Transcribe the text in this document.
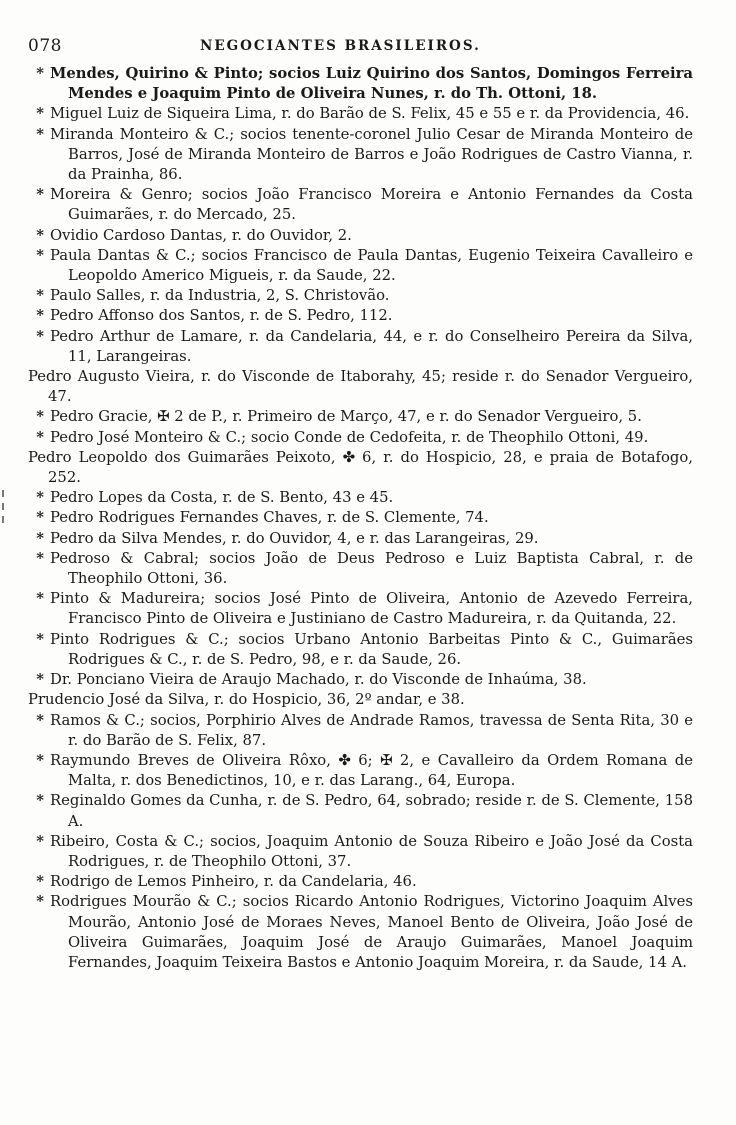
078	NEGOCIANTES BRASILEIROS.
* Mendes, Quirino & Pinto; socios Luiz Quirino dos Santos, Domingos Ferreira Mendes e Joaquim Pinto de Oliveira Nunes, r. do Th. Ottoni, 18.
* Miguel Luiz de Siqueira Lima, r. do Barão de S. Felix, 45 e 55 e r. da Providencia, 46.
* Miranda Monteiro & C.; socios tenente-coronel Julio Cesar de Miranda Monteiro de Barros, José de Miranda Monteiro de Barros e João Rodrigues de Castro Vianna, r. da Prainha, 86.
* Moreira & Genro; socios João Francisco Moreira e Antonio Fernandes da Costa Guimarães, r. do Mercado, 25.
* Ovidio Cardoso Dantas, r. do Ouvidor, 2.
* Paula Dantas & C.; socios Francisco de Paula Dantas, Eugenio Teixeira Cavalleiro e Leopoldo Americo Migueis, r. da Saude, 22.
* Paulo Salles, r. da Industria, 2, S. Christovão.
* Pedro Affonso dos Santos, r. de S. Pedro, 112.
* Pedro Arthur de Lamare, r. da Candelaria, 44, e r. do Conselheiro Pereira da Silva, 11, Larangeiras.
Pedro Augusto Vieira, r. do Visconde de Itaborahy, 45; reside r. do Senador Vergueiro, 47.
* Pedro Gracie, ✠ 2 de P., r. Primeiro de Março, 47, e r. do Senador Vergueiro, 5.
* Pedro José Monteiro & C.; socio Conde de Cedofeita, r. de Theophilo Ottoni, 49.
Pedro Leopoldo dos Guimarães Peixoto, ✤ 6, r. do Hospicio, 28, e praia de Botafogo, 252.
* Pedro Lopes da Costa, r. de S. Bento, 43 e 45.
* Pedro Rodrigues Fernandes Chaves, r. de S. Clemente, 74.
* Pedro da Silva Mendes, r. do Ouvidor, 4, e r. das Larangeiras, 29.
* Pedroso & Cabral; socios João de Deus Pedroso e Luiz Baptista Cabral, r. de Theophilo Ottoni, 36.
* Pinto & Madureira; socios José Pinto de Oliveira, Antonio de Azevedo Ferreira, Francisco Pinto de Oliveira e Justiniano de Castro Madureira, r. da Quitanda, 22.
* Pinto Rodrigues & C.; socios Urbano Antonio Barbeitas Pinto & C., Guimarães Rodrigues & C., r. de S. Pedro, 98, e r. da Saude, 26.
* Dr. Ponciano Vieira de Araujo Machado, r. do Visconde de Inhaúma, 38.
Prudencio José da Silva, r. do Hospicio, 36, 2º andar, e 38.
* Ramos & C.; socios, Porphirio Alves de Andrade Ramos, travessa de Senta Rita, 30 e r. do Barão de S. Felix, 87.
* Raymundo Breves de Oliveira Rôxo, ✤ 6; ✠ 2, e Cavalleiro da Ordem Romana de Malta, r. dos Benedictinos, 10, e r. das Larang., 64, Europa.
* Reginaldo Gomes da Cunha, r. de S. Pedro, 64, sobrado; reside r. de S. Clemente, 158 A.
* Ribeiro, Costa & C.; socios, Joaquim Antonio de Souza Ribeiro e João José da Costa Rodrigues, r. de Theophilo Ottoni, 37.
* Rodrigo de Lemos Pinheiro, r. da Candelaria, 46.
* Rodrigues Mourão & C.; socios Ricardo Antonio Rodrigues, Victorino Joaquim Alves Mourão, Antonio José de Moraes Neves, Manoel Bento de Oliveira, João José de Oliveira Guimarães, Joaquim José de Araujo Guimarães, Manoel Joaquim Fernandes, Joaquim Teixeira Bastos e Antonio Joaquim Moreira, r. da Saude, 14 A.
